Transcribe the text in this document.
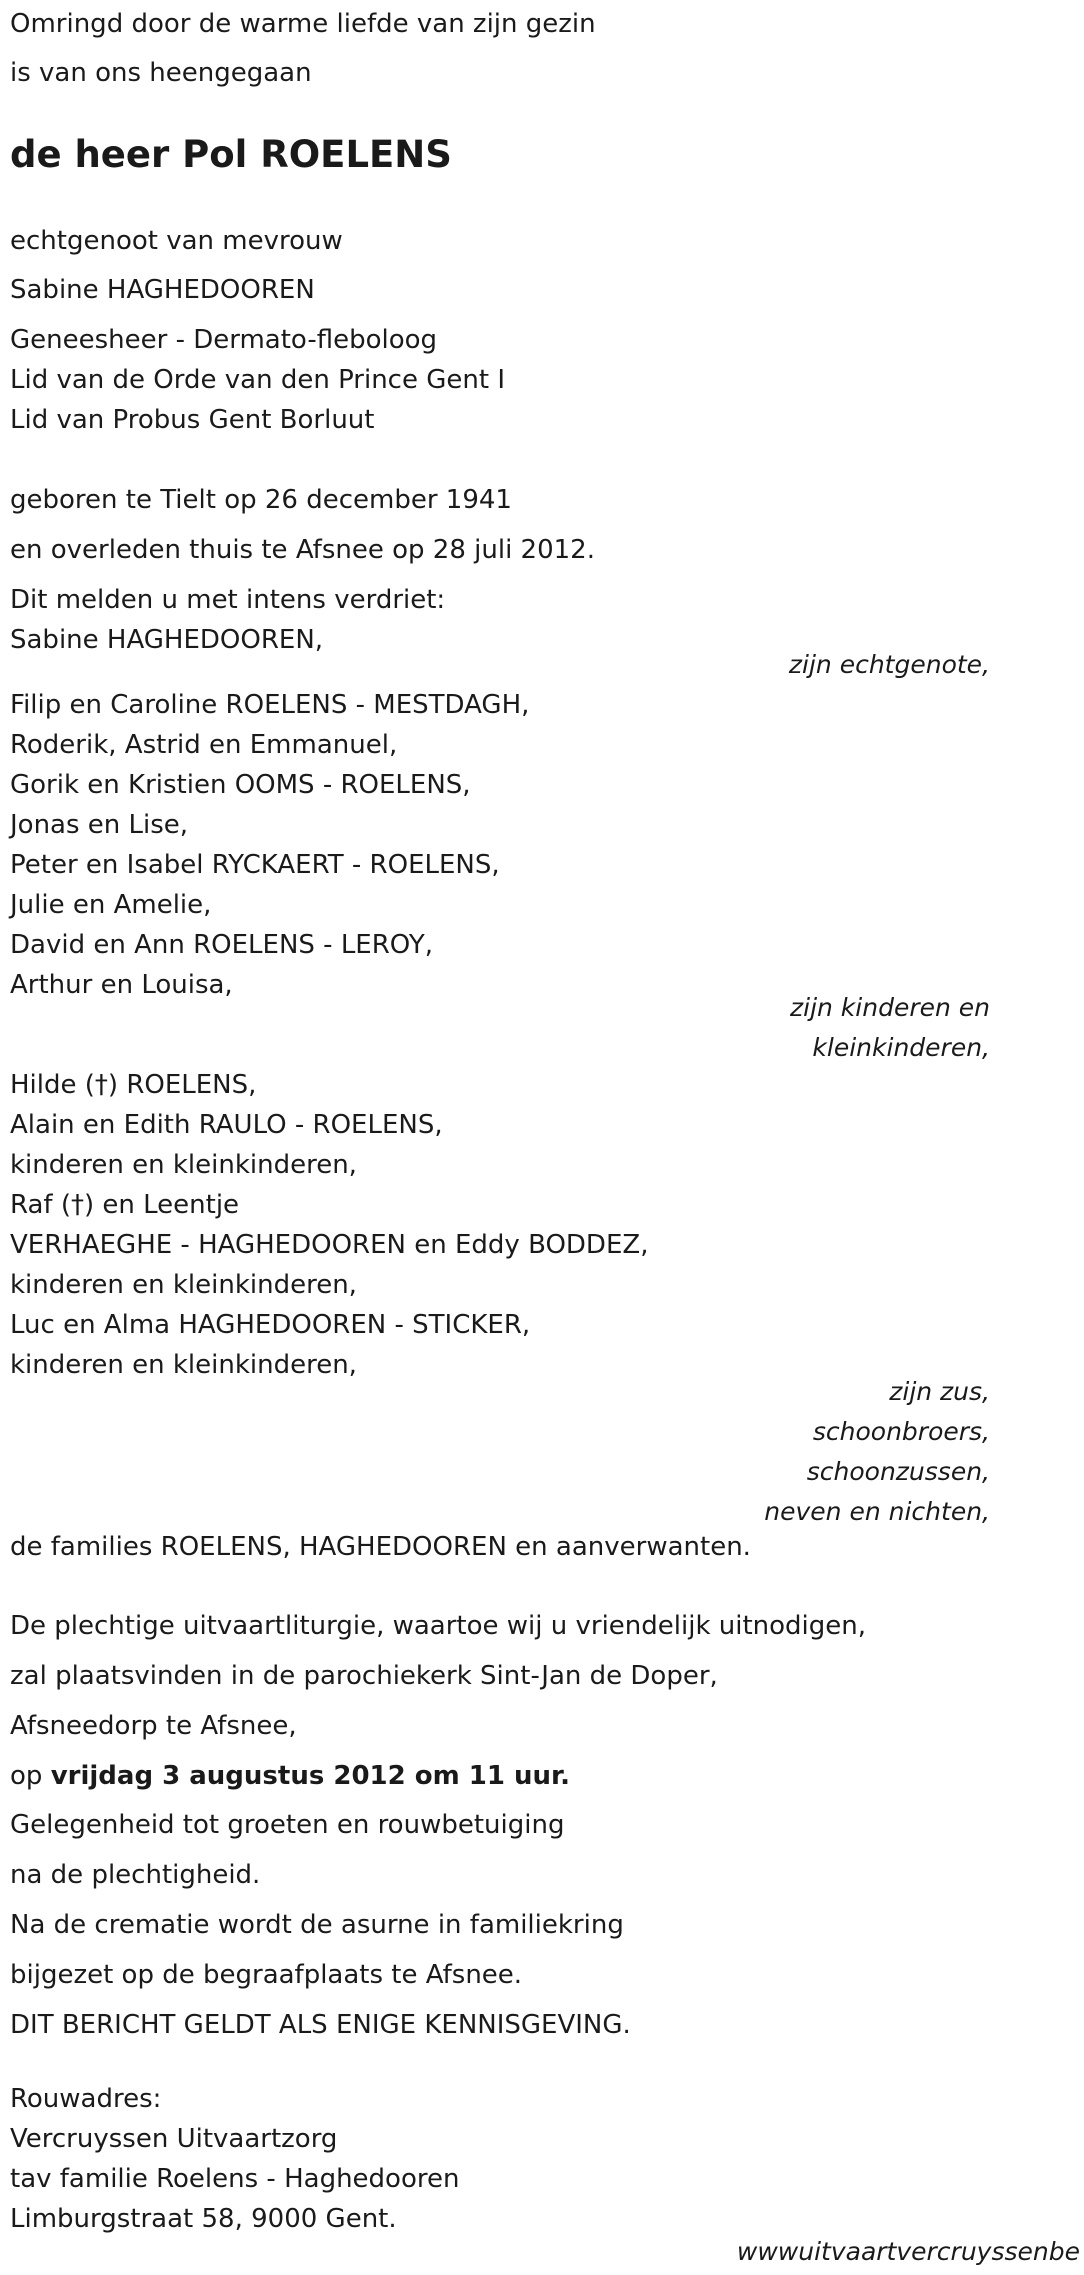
Omringd door de warme liefde van zijn gezin

is van ons heengegaan

de heer Pol ROELENS

echtgenoot van mevrouw

Sabine HAGHEDOOREN

Geneesheer - Dermato-fleboloog

Lid van de Orde van den Prince Gent I

Lid van Probus Gent Borluut

geboren te Tielt op 26 december 1941

en overleden thuis te Afsnee op 28 juli 2012.

Dit melden u met intens verdriet:

Sabine HAGHEDOOREN,

zijn echtgenote,

Filip en Caroline ROELENS - MESTDAGH,

Roderik, Astrid en Emmanuel,

Gorik en Kristien OOMS - ROELENS,

Jonas en Lise,

Peter en Isabel RYCKAERT - ROELENS,

Julie en Amelie,

David en Ann ROELENS - LEROY,

Arthur en Louisa,

zijn kinderen en
kleinkinderen,

Hilde (†) ROELENS,

Alain en Edith RAULO - ROELENS,

kinderen en kleinkinderen,

Raf (†) en Leentje

VERHAEGHE - HAGHEDOOREN en Eddy BODDEZ,

kinderen en kleinkinderen,

Luc en Alma HAGHEDOOREN - STICKER,

kinderen en kleinkinderen,

zijn zus,
schoonbroers,
schoonzussen,
neven en nichten,

de families ROELENS, HAGHEDOOREN en aanverwanten.

De plechtige uitvaartliturgie, waartoe wij u vriendelijk uitnodigen,

zal plaatsvinden in de parochiekerk Sint-Jan de Doper,

Afsneedorp te Afsnee,

op vrijdag 3 augustus 2012 om 11 uur.

Gelegenheid tot groeten en rouwbetuiging

na de plechtigheid.

Na de crematie wordt de asurne in familiekring

bijgezet op de begraafplaats te Afsnee.

DIT BERICHT GELDT ALS ENIGE KENNISGEVING.

Rouwadres:

Vercruyssen Uitvaartzorg

tav familie Roelens - Haghedooren

Limburgstraat 58, 9000 Gent.

wwwuitvaartvercruyssenbe
